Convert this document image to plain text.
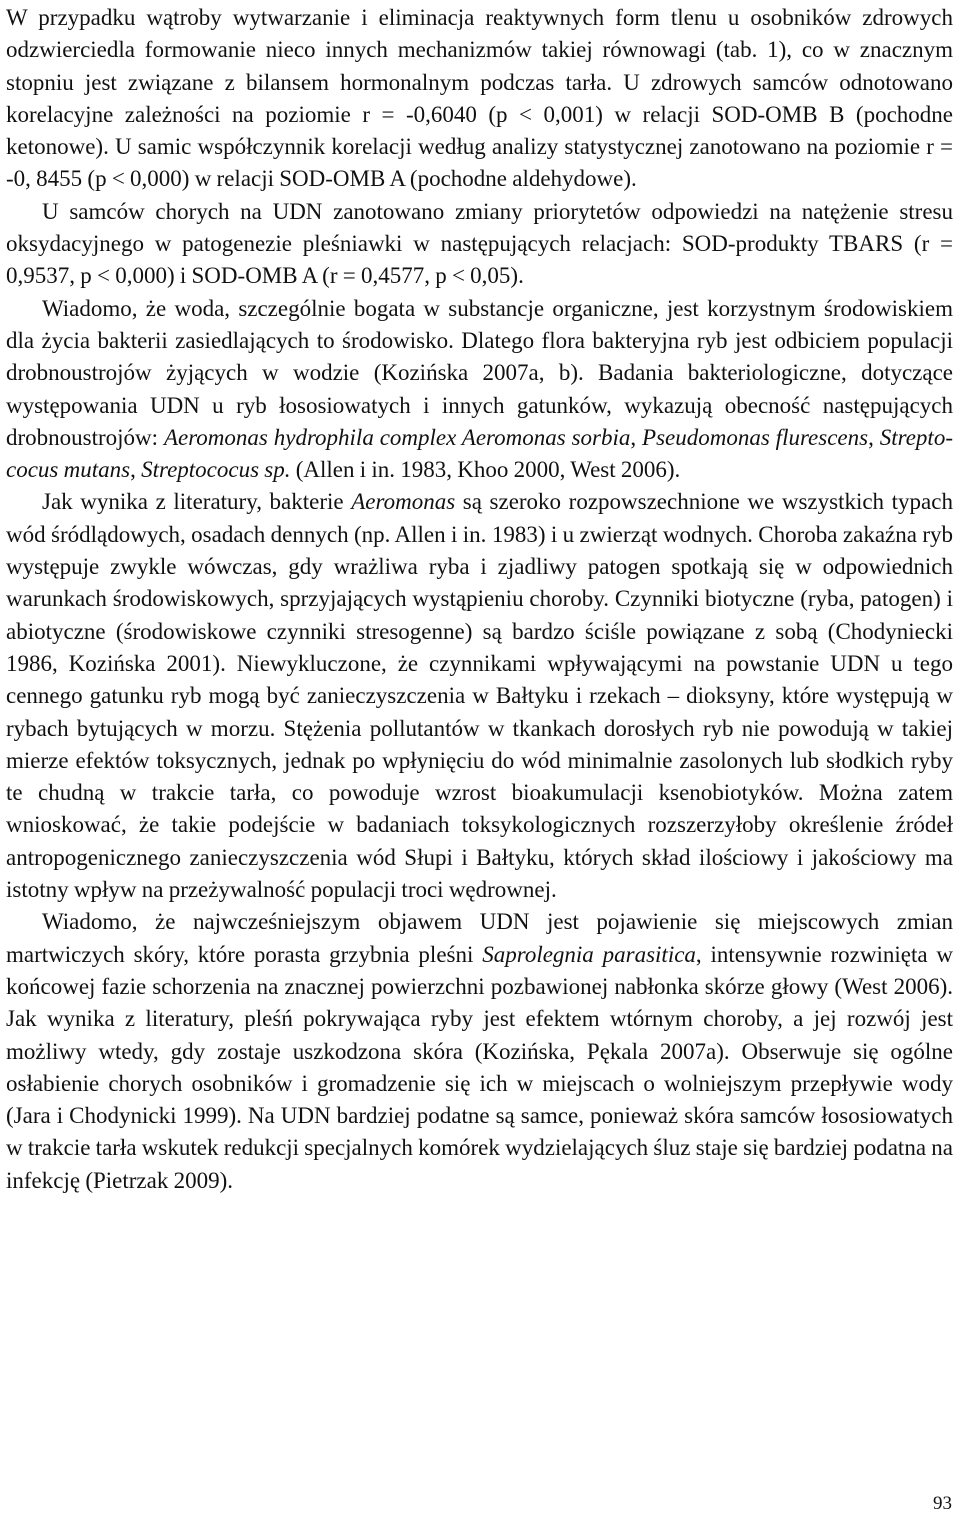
W przypadku wątroby wytwarzanie i eliminacja reaktywnych form tlenu u osobników zdrowych odzwierciedla formowanie nieco innych mechanizmów takiej równowagi (tab. 1), co w znacznym stopniu jest związane z bilansem hormonalnym podczas tarła. U zdrowych samców odnotowano korelacyjne zależności na poziomie r = -0,6040 (p < 0,001) w relacji SOD-OMB B (pochodne ketonowe). U samic współczynnik korelacji według analizy statystycznej zanotowano na poziomie r = -0, 8455 (p < 0,000) w relacji SOD-OMB A (pochodne aldehydowe).

U samców chorych na UDN zanotowano zmiany priorytetów odpowiedzi na natężenie stresu oksydacyjnego w patogenezie pleśniawki w następujących relacjach: SOD-produkty TBARS (r = 0,9537, p < 0,000) i SOD-OMB A (r = 0,4577, p < 0,05).

Wiadomo, że woda, szczególnie bogata w substancje organiczne, jest korzystnym środowiskiem dla życia bakterii zasiedlających to środowisko. Dlatego flora bakteryjna ryb jest odbiciem populacji drobnoustrojów żyjących w wodzie (Kozińska 2007a, b). Badania bakteriologiczne, dotyczące występowania UDN u ryb łososiowatych i innych gatunków, wykazują obecność następujących drobnoustrojów: Aeromonas hydrophila complex Aeromonas sorbia, Pseudomonas flurescens, Streptococus mutans, Streptococus sp. (Allen i in. 1983, Khoo 2000, West 2006).

Jak wynika z literatury, bakterie Aeromonas są szeroko rozpowszechnione we wszystkich typach wód śródlądowych, osadach dennych (np. Allen i in. 1983) i u zwierząt wodnych. Choroba zakaźna ryb występuje zwykle wówczas, gdy wrażliwa ryba i zjadliwy patogen spotkają się w odpowiednich warunkach środowiskowych, sprzyjających wystąpieniu choroby. Czynniki biotyczne (ryba, patogen) i abiotyczne (środowiskowe czynniki stresogenne) są bardzo ściśle powiązane z sobą (Chodyniecki 1986, Kozińska 2001). Niewykluczone, że czynnikami wpływającymi na powstanie UDN u tego cennego gatunku ryb mogą być zanieczyszczenia w Bałtyku i rzekach – dioksyny, które występują w rybach bytujących w morzu. Stężenia pollutantów w tkankach dorosłych ryb nie powodują w takiej mierze efektów toksycznych, jednak po wpłynięciu do wód minimalnie zasolonych lub słodkich ryby te chudną w trakcie tarła, co powoduje wzrost bioakumulacji ksenobiotyków. Można zatem wnioskować, że takie podejście w badaniach toksykologicznych rozszerzyłoby określenie źródeł antropogenicznego zanieczyszczenia wód Słupi i Bałtyku, których skład ilościowy i jakościowy ma istotny wpływ na przeżywalność populacji troci wędrownej.

Wiadomo, że najwcześniejszym objawem UDN jest pojawienie się miejscowych zmian martwiczych skóry, które porasta grzybnia pleśni Saprolegnia parasitica, intensywnie rozwinięta w końcowej fazie schorzenia na znacznej powierzchni pozbawionej nabłonka skórze głowy (West 2006). Jak wynika z literatury, pleśń pokrywająca ryby jest efektem wtórnym choroby, a jej rozwój jest możliwy wtedy, gdy zostaje uszkodzona skóra (Kozińska, Pękala 2007a). Obserwuje się ogólne osłabienie chorych osobników i gromadzenie się ich w miejscach o wolniejszym przepływie wody (Jara i Chodynicki 1999). Na UDN bardziej podatne są samce, ponieważ skóra samców łososiowatych w trakcie tarła wskutek redukcji specjalnych komórek wydzielających śluz staje się bardziej podatna na infekcję (Pietrzak 2009).

93
